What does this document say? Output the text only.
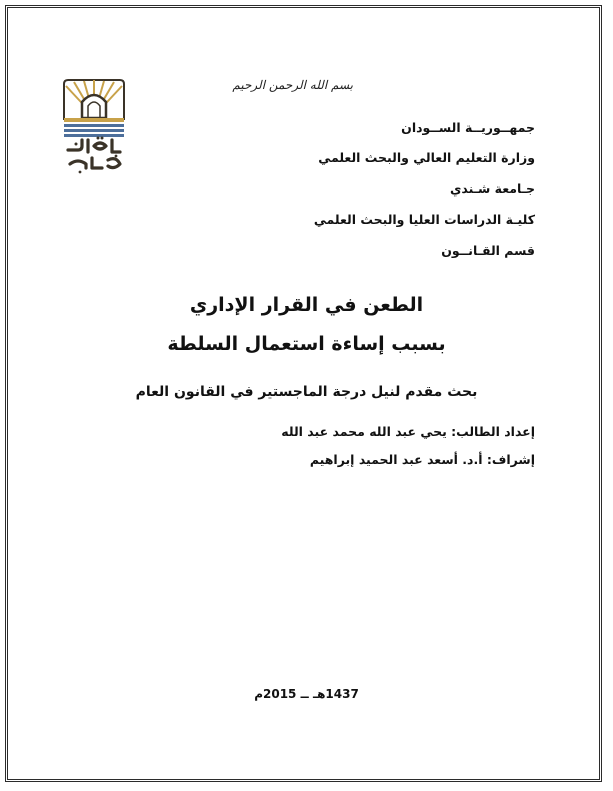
بسم الله الرحمن الرحيم
جمهــوريــة الســودان
وزارة التعليم العالي والبحث العلمي
جـامعة شـندي
كليـة الدراسات العليا والبحث العلمي
قسم القـانــون
الطعن في القرار الإداري
بسبب إساءة استعمال السلطة
بحث مقدم لنيل درجة الماجستير في القانون العام
إعداد الطالب: يحي عبد الله محمد عبد الله
إشراف: أ.د. أسعد عبد الحميد إبراهيم
1437هـ ــ 2015م
